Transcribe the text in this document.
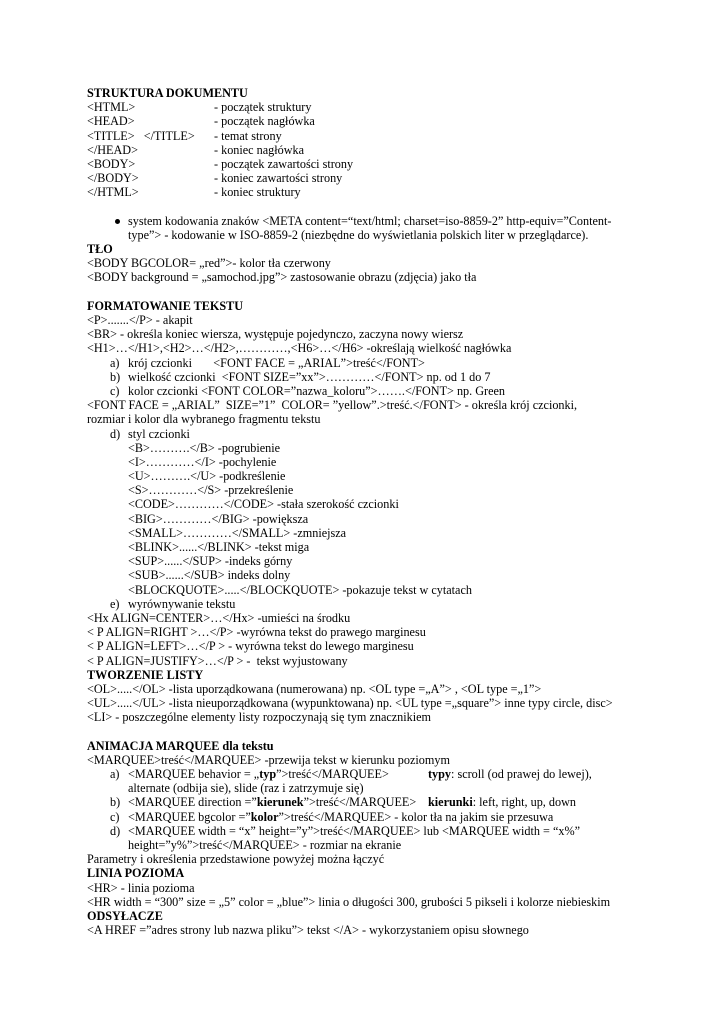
STRUKTURA DOKUMENTU
<HTML>	- początek struktury
<HEAD>	- początek nagłówka
<TITLE>   </TITLE> - temat strony
</HEAD>	- koniec nagłówka
<BODY>	- początek zawartości strony
</BODY>	- koniec zawartości strony
</HTML>	- koniec struktury
system kodowania znaków <META content=“text/html; charset=iso-8859-2” http-equiv=”Content-
type”> - kodowanie w ISO-8859-2 (niezbędne do wyświetlania polskich liter w przeglądarce).
TŁO
<BODY BGCOLOR= „red”>- kolor tła czerwony
<BODY background = „samochod.jpg”> zastosowanie obrazu (zdjęcia) jako tła
FORMATOWANIE TEKSTU
<P>.......</P> - akapit
<BR> - określa koniec wiersza, występuje pojedynczo, zaczyna nowy wiersz
<H1>…</H1>,<H2>…</H2>,…………,<H6>…</H6> -określają wielkość nagłówka
a) krój czcionki       <FONT FACE = „ARIAL”>treść</FONT>
b) wielkość czcionki  <FONT SIZE=”xx”>…………</FONT> np. od 1 do 7
c) kolor czcionki <FONT COLOR=”nazwa_koloru”>…….</FONT> np. Green
<FONT FACE = „ARIAL”  SIZE=”1”  COLOR= ”yellow”.>treść.</FONT> - określa krój czcionki,
rozmiar i kolor dla wybranego fragmentu tekstu
d) styl czcionki
<B>……….</B> -pogrubienie
<I>…………</I> -pochylenie
<U>……….</U> -podkreślenie
<S>…………</S> -przekreślenie
<CODE>…………</CODE> -stała szerokość czcionki
<BIG>…………</BIG> -powiększa
<SMALL>…………</SMALL> -zmniejsza
<BLINK>......</BLINK> -tekst miga
<SUP>......</SUP> -indeks górny
<SUB>......</SUB> indeks dolny
<BLOCKQUOTE>.....</BLOCKQUOTE> -pokazuje tekst w cytatach
e) wyrównywanie tekstu
<Hx ALIGN=CENTER>…</Hx> -umieści na środku
< P ALIGN=RIGHT >…</P> -wyrówna tekst do prawego marginesu
< P ALIGN=LEFT>…</P > - wyrówna tekst do lewego marginesu
< P ALIGN=JUSTIFY>…</P > -  tekst wyjustowany
TWORZENIE LISTY
<OL>.....</OL> -lista uporządkowana (numerowana) np. <OL type =„A”> , <OL type =„1”>
<UL>.....</UL> -lista nieuporządkowana (wypunktowana) np. <UL type =„square”> inne typy circle, disc>
<LI> - poszczególne elementy listy rozpoczynają się tym znacznikiem
ANIMACJA MARQUEE dla tekstu
<MARQUEE>treść</MARQUEE> -przewija tekst w kierunku poziomym
a) <MARQUEE behavior = „typ”>treść</MARQUEE>	typy: scroll (od prawej do lewej),
alternate (odbija sie), slide (raz i zatrzymuje się)
b) <MARQUEE direction =”kierunek”>treść</MARQUEE> kierunki: left, right, up, down
c) <MARQUEE bgcolor =”kolor”>treść</MARQUEE> - kolor tła na jakim sie przesuwa
d) <MARQUEE width = “x” height=”y”>treść</MARQUEE> lub <MARQUEE width = “x%”
height=”y%”>treść</MARQUEE> - rozmiar na ekranie
Parametry i określenia przedstawione powyżej można łączyć
LINIA POZIOMA
<HR> - linia pozioma
<HR width = “300” size = „5” color = „blue”> linia o długości 300, grubości 5 pikseli i kolorze niebieskim
ODSYŁACZE
<A HREF =”adres strony lub nazwa pliku”> tekst </A> - wykorzystaniem opisu słownego
